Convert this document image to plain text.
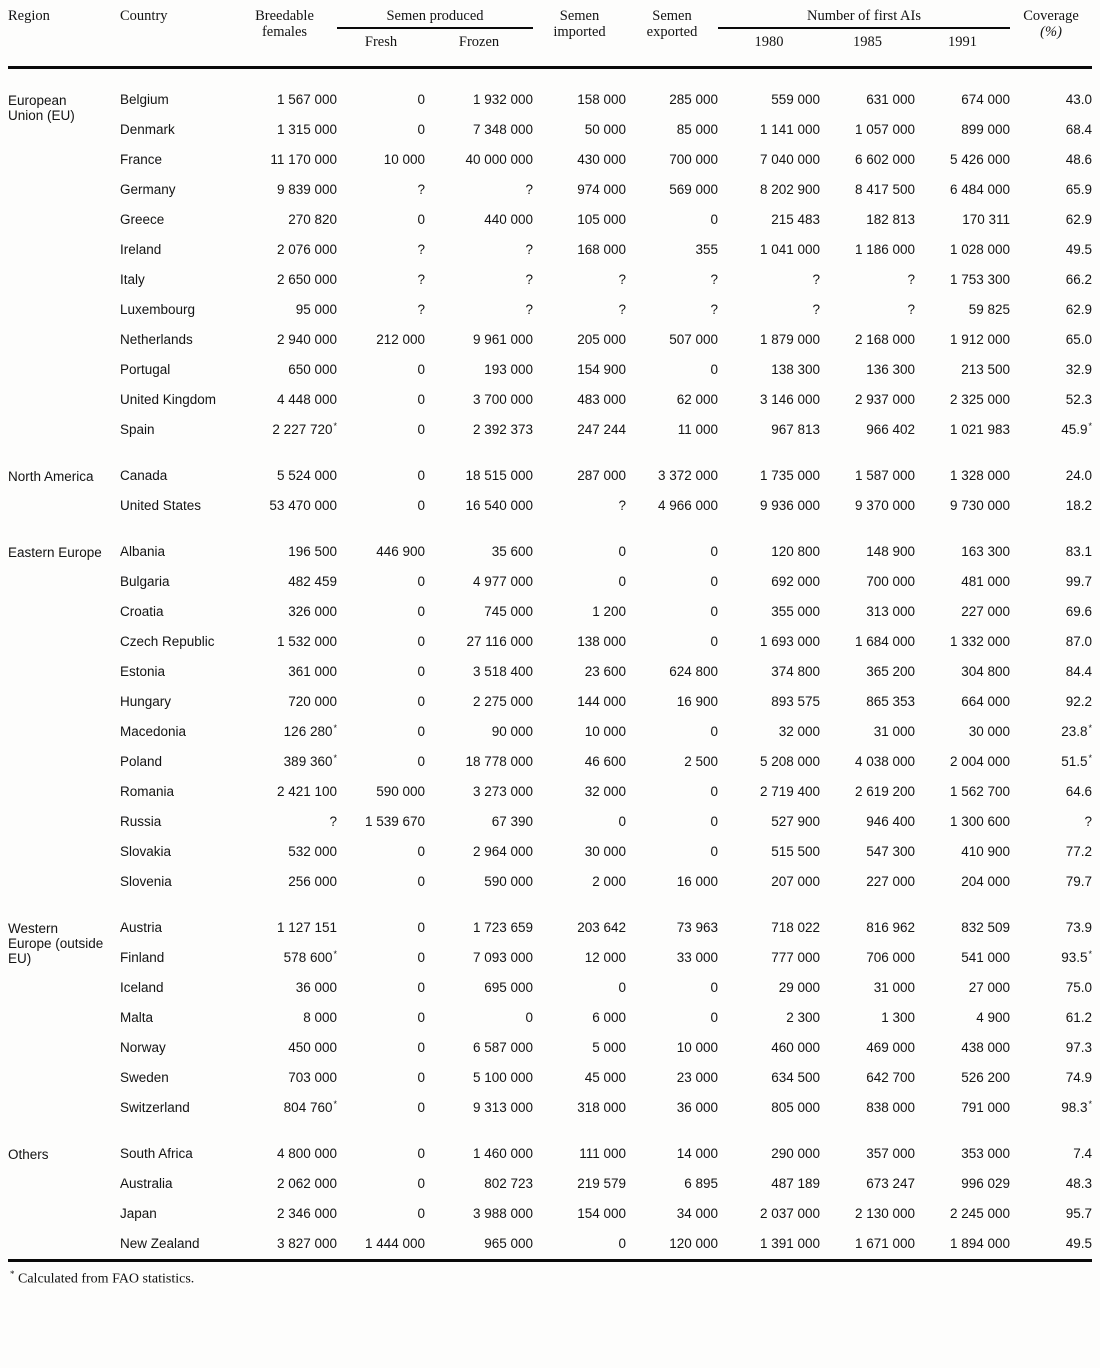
Region	Country	Breedable females	Semen produced		Semen imported	Semen exported	Number of first AIs			Coverage
(%)
			Fresh	Frozen			1980	1985	1991	

European Union (EU)	Belgium	1 567 000	0	1 932 000	158 000	285 000	559 000	631 000	674 000	43.0

	Denmark	1 315 000	0	7 348 000	50 000	85 000	1 141 000	1 057 000	899 000	68.4

	France	11 170 000	10 000	40 000 000	430 000	700 000	7 040 000	6 602 000	5 426 000	48.6

	Germany	9 839 000	?	?	974 000	569 000	8 202 900	8 417 500	6 484 000	65.9

	Greece	270 820	0	440 000	105 000	0	215 483	182 813	170 311	62.9

	Ireland	2 076 000	?	?	168 000	355	1 041 000	1 186 000	1 028 000	49.5

	Italy	2 650 000	?	?	?	?	?	?	1 753 300	66.2

	Luxembourg	95 000	?	?	?	?	?	?	59 825	62.9

	Netherlands	2 940 000	212 000	9 961 000	205 000	507 000	1 879 000	2 168 000	1 912 000	65.0

	Portugal	650 000	0	193 000	154 900	0	138 300	136 300	213 500	32.9

	United Kingdom	4 448 000	0	3 700 000	483 000	62 000	3 146 000	2 937 000	2 325 000	52.3

	Spain	2 227 720*	0	2 392 373	247 244	11 000	967 813	966 402	1 021 983	45.9*

North America	Canada	5 524 000	0	18 515 000	287 000	3 372 000	1 735 000	1 587 000	1 328 000	24.0

	United States	53 470 000	0	16 540 000	?	4 966 000	9 936 000	9 370 000	9 730 000	18.2

Eastern Europe	Albania	196 500	446 900	35 600	0	0	120 800	148 900	163 300	83.1

	Bulgaria	482 459	0	4 977 000	0	0	692 000	700 000	481 000	99.7

	Croatia	326 000	0	745 000	1 200	0	355 000	313 000	227 000	69.6

	Czech Republic	1 532 000	0	27 116 000	138 000	0	1 693 000	1 684 000	1 332 000	87.0

	Estonia	361 000	0	3 518 400	23 600	624 800	374 800	365 200	304 800	84.4

	Hungary	720 000	0	2 275 000	144 000	16 900	893 575	865 353	664 000	92.2

	Macedonia	126 280*	0	90 000	10 000	0	32 000	31 000	30 000	23.8*

	Poland	389 360*	0	18 778 000	46 600	2 500	5 208 000	4 038 000	2 004 000	51.5*

	Romania	2 421 100	590 000	3 273 000	32 000	0	2 719 400	2 619 200	1 562 700	64.6

	Russia	?	1 539 670	67 390	0	0	527 900	946 400	1 300 600	?

	Slovakia	532 000	0	2 964 000	30 000	0	515 500	547 300	410 900	77.2

	Slovenia	256 000	0	590 000	2 000	16 000	207 000	227 000	204 000	79.7

Western Europe (outside EU)	Austria	1 127 151	0	1 723 659	203 642	73 963	718 022	816 962	832 509	73.9

	Finland	578 600*	0	7 093 000	12 000	33 000	777 000	706 000	541 000	93.5*

	Iceland	36 000	0	695 000	0	0	29 000	31 000	27 000	75.0

	Malta	8 000	0	0	6 000	0	2 300	1 300	4 900	61.2

	Norway	450 000	0	6 587 000	5 000	10 000	460 000	469 000	438 000	97.3

	Sweden	703 000	0	5 100 000	45 000	23 000	634 500	642 700	526 200	74.9

	Switzerland	804 760*	0	9 313 000	318 000	36 000	805 000	838 000	791 000	98.3*

Others	South Africa	4 800 000	0	1 460 000	111 000	14 000	290 000	357 000	353 000	7.4

	Australia	2 062 000	0	802 723	219 579	6 895	487 189	673 247	996 029	48.3

	Japan	2 346 000	0	3 988 000	154 000	34 000	2 037 000	2 130 000	2 245 000	95.7

	New Zealand	3 827 000	1 444 000	965 000	0	120 000	1 391 000	1 671 000	1 894 000	49.5
* Calculated from FAO statistics.
